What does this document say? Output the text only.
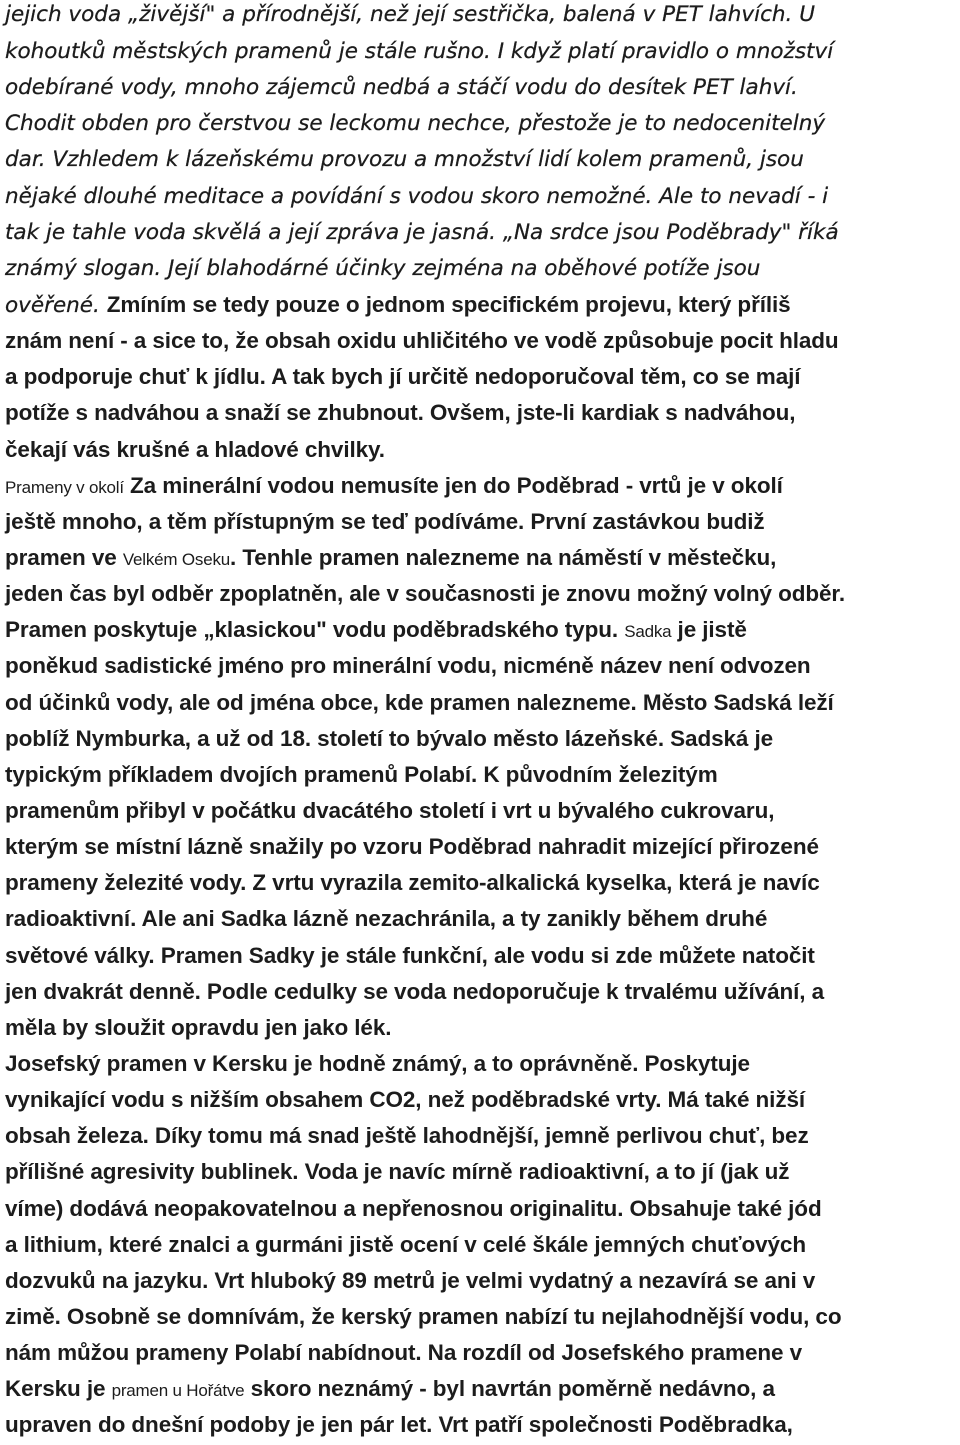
jejich voda „živější" a přírodnější, než její sestřička, balená v PET lahvích. U
kohoutků městských pramenů je stále rušno. I když platí pravidlo o množství
odebírané vody, mnoho zájemců nedbá a stáčí vodu do desítek PET lahví.
Chodit obden pro čerstvou se leckomu nechce, přestože je to nedocenitelný
dar. Vzhledem k lázeňskému provozu a množství lidí kolem pramenů, jsou
nějaké dlouhé meditace a povídání s vodou skoro nemožné. Ale to nevadí - i
tak je tahle voda skvělá a její zpráva je jasná. „Na srdce jsou Poděbrady" říká
známý slogan. Její blahodárné účinky zejména na oběhové potíže jsou
ověřené. Zmíním se tedy pouze o jednom specifickém projevu, který příliš
znám není - a sice to, že obsah oxidu uhličitého ve vodě způsobuje pocit hladu
a podporuje chuť k jídlu. A tak bych jí určitě nedoporučoval těm, co se mají
potíže s nadváhou a snaží se zhubnout. Ovšem, jste-li kardiak s nadváhou,
čekají vás krušné a hladové chvilky.
Prameny v okolí Za minerální vodou nemusíte jen do Poděbrad - vrtů je v okolí
ještě mnoho, a těm přístupným se teď podíváme. První zastávkou budiž
pramen ve Velkém Oseku. Tenhle pramen nalezneme na náměstí v městečku,
jeden čas byl odběr zpoplatněn, ale v současnosti je znovu možný volný odběr.
Pramen poskytuje „klasickou" vodu poděbradského typu. Sadka je jistě
poněkud sadistické jméno pro minerální vodu, nicméně název není odvozen
od účinků vody, ale od jména obce, kde pramen nalezneme. Město Sadská leží
poblíž Nymburka, a už od 18. století to bývalo město lázeňské. Sadská je
typickým příkladem dvojích pramenů Polabí. K původním železitým
pramenům přibyl v počátku dvacátého století i vrt u bývalého cukrovaru,
kterým se místní lázně snažily po vzoru Poděbrad nahradit mizející přirozené
prameny železité vody. Z vrtu vyrazila zemito-alkalická kyselka, která je navíc
radioaktivní. Ale ani Sadka lázně nezachránila, a ty zanikly během druhé
světové války. Pramen Sadky je stále funkční, ale vodu si zde můžete natočit
jen dvakrát denně. Podle cedulky se voda nedoporučuje k trvalému užívání, a
měla by sloužit opravdu jen jako lék.
Josefský pramen v Kersku je hodně známý, a to oprávněně. Poskytuje
vynikající vodu s nižším obsahem CO2, než poděbradské vrty. Má také nižší
obsah železa. Díky tomu má snad ještě lahodnější, jemně perlivou chuť, bez
přílišné agresivity bublinek. Voda je navíc mírně radioaktivní, a to jí (jak už
víme) dodává neopakovatelnou a nepřenosnou originalitu. Obsahuje také jód
a lithium, které znalci a gurmáni jistě ocení v celé škále jemných chuťových
dozvuků na jazyku. Vrt hluboký 89 metrů je velmi vydatný a nezavírá se ani v
zimě. Osobně se domnívám, že kerský pramen nabízí tu nejlahodnější vodu, co
nám můžou prameny Polabí nabídnout. Na rozdíl od Josefského pramene v
Kersku je pramen u Hořátve skoro neznámý - byl navrtán poměrně nedávno, a
upraven do dnešní podoby je jen pár let. Vrt patří společnosti Poděbradka,
